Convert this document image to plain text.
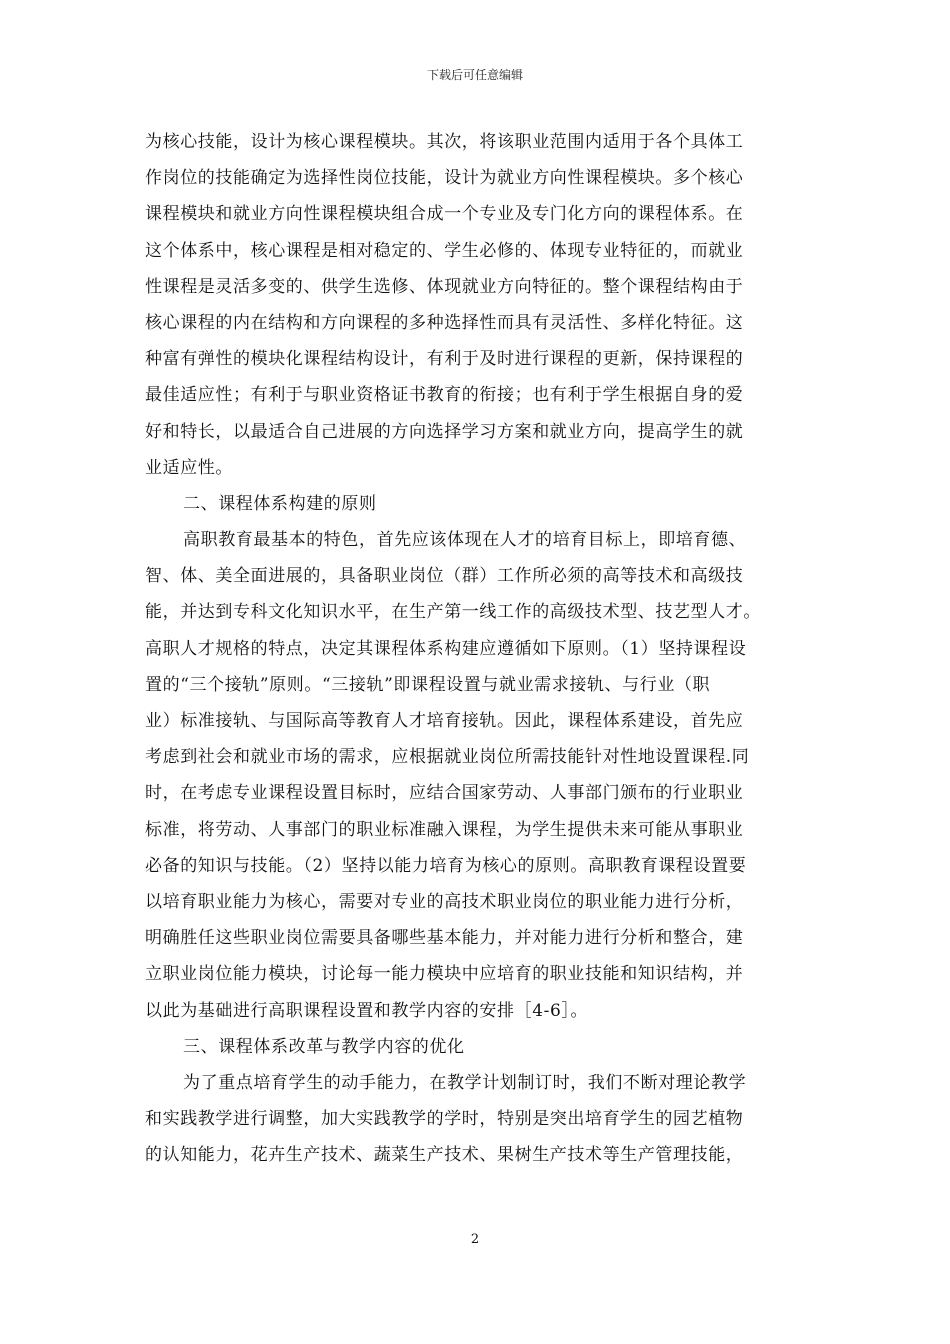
下载后可任意编辑
为核心技能，设计为核心课程模块。其次，将该职业范围内适用于各个具体工
作岗位的技能确定为选择性岗位技能，设计为就业方向性课程模块。多个核心
课程模块和就业方向性课程模块组合成一个专业及专门化方向的课程体系。在
这个体系中，核心课程是相对稳定的、学生必修的、体现专业特征的，而就业
性课程是灵活多变的、供学生选修、体现就业方向特征的。整个课程结构由于
核心课程的内在结构和方向课程的多种选择性而具有灵活性、多样化特征。这
种富有弹性的模块化课程结构设计，有利于及时进行课程的更新，保持课程的
最佳适应性；有利于与职业资格证书教育的衔接；也有利于学生根据自身的爱
好和特长，以最适合自己进展的方向选择学习方案和就业方向，提高学生的就
业适应性。
二、课程体系构建的原则
高职教育最基本的特色，首先应该体现在人才的培育目标上，即培育德、
智、体、美全面进展的，具备职业岗位（群）工作所必须的高等技术和高级技
能，并达到专科文化知识水平，在生产第一线工作的高级技术型、技艺型人才。
高职人才规格的特点，决定其课程体系构建应遵循如下原则。（1）坚持课程设
置的“三个接轨”原则。“三接轨”即课程设置与就业需求接轨、与行业（职
业）标准接轨、与国际高等教育人才培育接轨。因此，课程体系建设，首先应
考虑到社会和就业市场的需求，应根据就业岗位所需技能针对性地设置课程.同
时，在考虑专业课程设置目标时，应结合国家劳动、人事部门颁布的行业职业
标准，将劳动、人事部门的职业标准融入课程，为学生提供未来可能从事职业
必备的知识与技能。（2）坚持以能力培育为核心的原则。高职教育课程设置要
以培育职业能力为核心，需要对专业的高技术职业岗位的职业能力进行分析，
明确胜任这些职业岗位需要具备哪些基本能力，并对能力进行分析和整合，建
立职业岗位能力模块，讨论每一能力模块中应培育的职业技能和知识结构，并
以此为基础进行高职课程设置和教学内容的安排［4-6］。
三、课程体系改革与教学内容的优化
为了重点培育学生的动手能力，在教学计划制订时，我们不断对理论教学
和实践教学进行调整，加大实践教学的学时，特别是突出培育学生的园艺植物
的认知能力，花卉生产技术、蔬菜生产技术、果树生产技术等生产管理技能，
2
